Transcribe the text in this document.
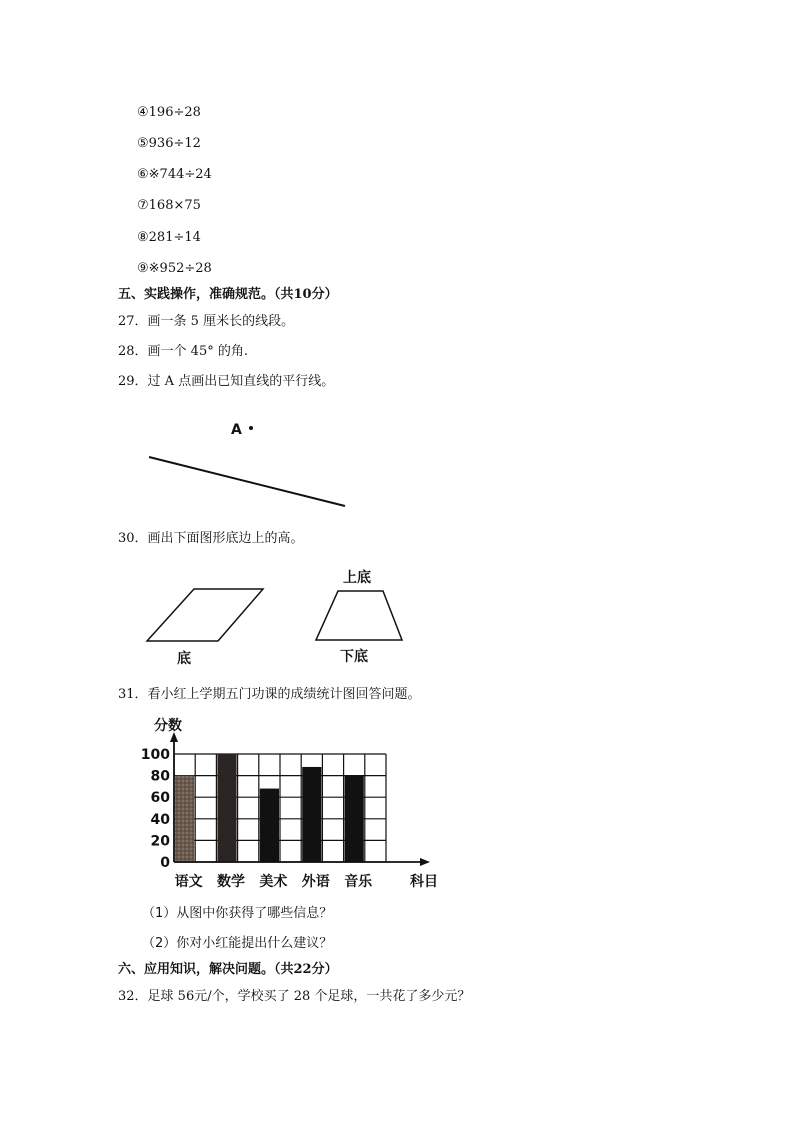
④196÷28
⑤936÷12
⑥※744÷24
⑦168×75
⑧281÷14
⑨※952÷28
五、实践操作，准确规范。（共10分）
27．画一条 5 厘米长的线段。
28．画一个 45° 的角.
29．过 A 点画出已知直线的平行线。
A
30．画出下面图形底边上的高。
底
上底
下底
31．看小红上学期五门功课的成绩统计图回答问题。
0
20
40
60
80
100
语文 数学 美术 外语 音乐
分数
科目
（1）从图中你获得了哪些信息？
（2）你对小红能提出什么建议？
六、应用知识，解决问题。（共22分）
32．足球 56元/个，学校买了 28 个足球，一共花了多少元？
